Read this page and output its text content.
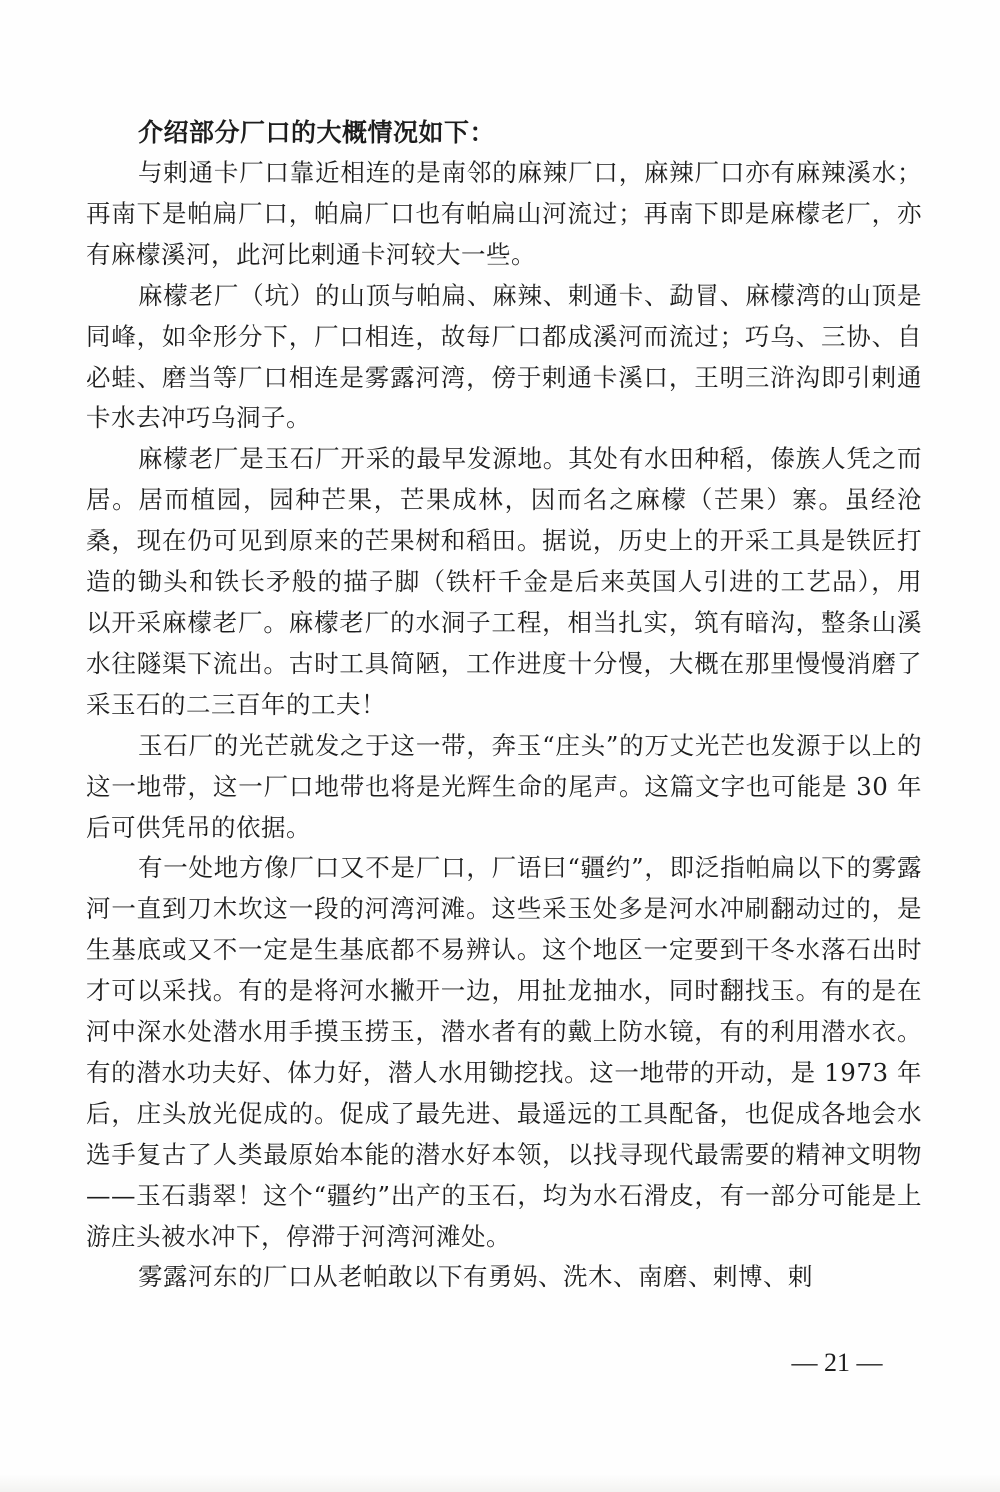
介绍部分厂口的大概情况如下：

与剌通卡厂口靠近相连的是南邻的麻辣厂口，麻辣厂口亦有麻辣溪水；再南下是帕扁厂口，帕扁厂口也有帕扁山河流过；再南下即是麻檬老厂，亦有麻檬溪河，此河比剌通卡河较大一些。

麻檬老厂（坑）的山顶与帕扁、麻辣、剌通卡、勐冒、麻檬湾的山顶是同峰，如伞形分下，厂口相连，故每厂口都成溪河而流过；巧乌、三协、自必蛙、磨当等厂口相连是雾露河湾，傍于剌通卡溪口，王明三浒沟即引剌通卡水去冲巧乌洞子。

麻檬老厂是玉石厂开采的最早发源地。其处有水田种稻，傣族人凭之而居。居而植园，园种芒果，芒果成林，因而名之麻檬（芒果）寨。虽经沧桑，现在仍可见到原来的芒果树和稻田。据说，历史上的开采工具是铁匠打造的锄头和铁长矛般的描子脚（铁杆千金是后来英国人引进的工艺品），用以开采麻檬老厂。麻檬老厂的水洞子工程，相当扎实，筑有暗沟，整条山溪水往隧渠下流出。古时工具简陋，工作进度十分慢，大概在那里慢慢消磨了采玉石的二三百年的工夫！

玉石厂的光芒就发之于这一带，奔玉“庄头”的万丈光芒也发源于以上的这一地带，这一厂口地带也将是光辉生命的尾声。这篇文字也可能是 30 年后可供凭吊的依据。

有一处地方像厂口又不是厂口，厂语曰“疆约”，即泛指帕扁以下的雾露河一直到刀木坎这一段的河湾河滩。这些采玉处多是河水冲刷翻动过的，是生基底或又不一定是生基底都不易辨认。这个地区一定要到干冬水落石出时才可以采找。有的是将河水撇开一边，用扯龙抽水，同时翻找玉。有的是在河中深水处潜水用手摸玉捞玉，潜水者有的戴上防水镜，有的利用潜水衣。有的潜水功夫好、体力好，潜人水用锄挖找。这一地带的开动，是 1973 年后，庄头放光促成的。促成了最先进、最遥远的工具配备，也促成各地会水选手复古了人类最原始本能的潜水好本领，以找寻现代最需要的精神文明物——玉石翡翠！这个“疆约”出产的玉石，均为水石滑皮，有一部分可能是上游庄头被水冲下，停滞于河湾河滩处。

雾露河东的厂口从老帕敢以下有勇妈、洗木、南磨、剌博、剌

— 21 —
